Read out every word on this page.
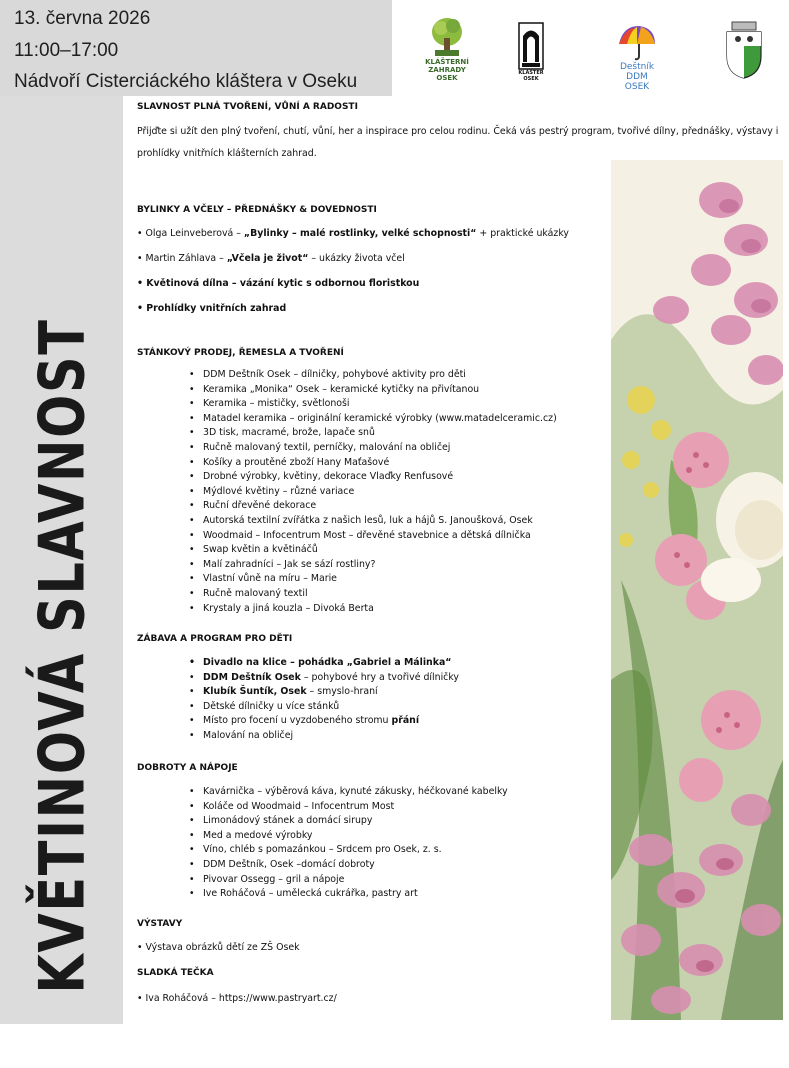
13. června 2026
11:00–17:00
Nádvoří Cisterciáckého kláštera v Oseku
KLÁŠTERNÍ ZAHRADY OSEK
KLÁŠTER OSEK
Deštník DDM OSEK
KVĚTINOVÁ SLAVNOST
SLAVNOST PLNÁ TVOŘENÍ, VŮNÍ A RADOSTI
Přijďte si užít den plný tvoření, chutí, vůní, her a inspirace pro celou rodinu. Čeká vás pestrý program, tvořivé dílny, přednášky, výstavy i
prohlídky vnitřních klášterních zahrad.
BYLINKY A VČELY – PŘEDNÁŠKY & DOVEDNOSTI
• Olga Leinveberová – „Bylinky – malé rostlinky, velké schopnosti“ + praktické ukázky
• Martin Záhlava – „Včela je život“ – ukázky života včel
• Květinová dílna – vázání kytic s odbornou floristkou
• Prohlídky vnitřních zahrad
STÁNKOVÝ PRODEJ, ŘEMESLA A TVOŘENÍ
• DDM Deštník Osek – dílničky, pohybové aktivity pro děti
• Keramika „Monika“ Osek – keramické kytičky na přivítanou
• Keramika – mističky, světlonoši
• Matadel keramika – originální keramické výrobky (www.matadelceramic.cz)
• 3D tisk, macramé, brože, lapače snů
• Ručně malovaný textil, perníčky, malování na obličej
• Košíky a proutěné zboží Hany Maťašové
• Drobné výrobky, květiny, dekorace Vlaďky Renfusové
• Mýdlové květiny – různé variace
• Ruční dřevěné dekorace
• Autorská textilní zvířátka z našich lesů, luk a hájů S. Janoušková, Osek
• Woodmaid – Infocentrum Most – dřevěné stavebnice a dětská dílnička
• Swap květin a květináčů
• Malí zahradníci – Jak se sází rostliny?
• Vlastní vůně na míru – Marie
• Ručně malovaný textil
• Krystaly a jiná kouzla – Divoká Berta
ZÁBAVA A PROGRAM PRO DĚTI
• Divadlo na klice – pohádka „Gabriel a Málinka“
• DDM Deštník Osek – pohybové hry a tvořivé dílničky
• Klubík Šuntík, Osek – smyslo-hraní
• Dětské dílničky u více stánků
• Místo pro focení u vyzdobeného stromu přání
• Malování na obličej
DOBROTY A NÁPOJE
• Kavárnička – výběrová káva, kynuté zákusky, héčkované kabelky
• Koláče od Woodmaid – Infocentrum Most
• Limonádový stánek a domácí sirupy
• Med a medové výrobky
• Víno, chléb s pomazánkou – Srdcem pro Osek, z. s.
• DDM Deštník, Osek –domácí dobroty
• Pivovar Ossegg – gril a nápoje
• Ive Roháčová – umělecká cukrářka, pastry art
VÝSTAVY
• Výstava obrázků dětí ze ZŠ Osek
SLADKÁ TEČKA
• Iva Roháčová – https://www.pastryart.cz/
